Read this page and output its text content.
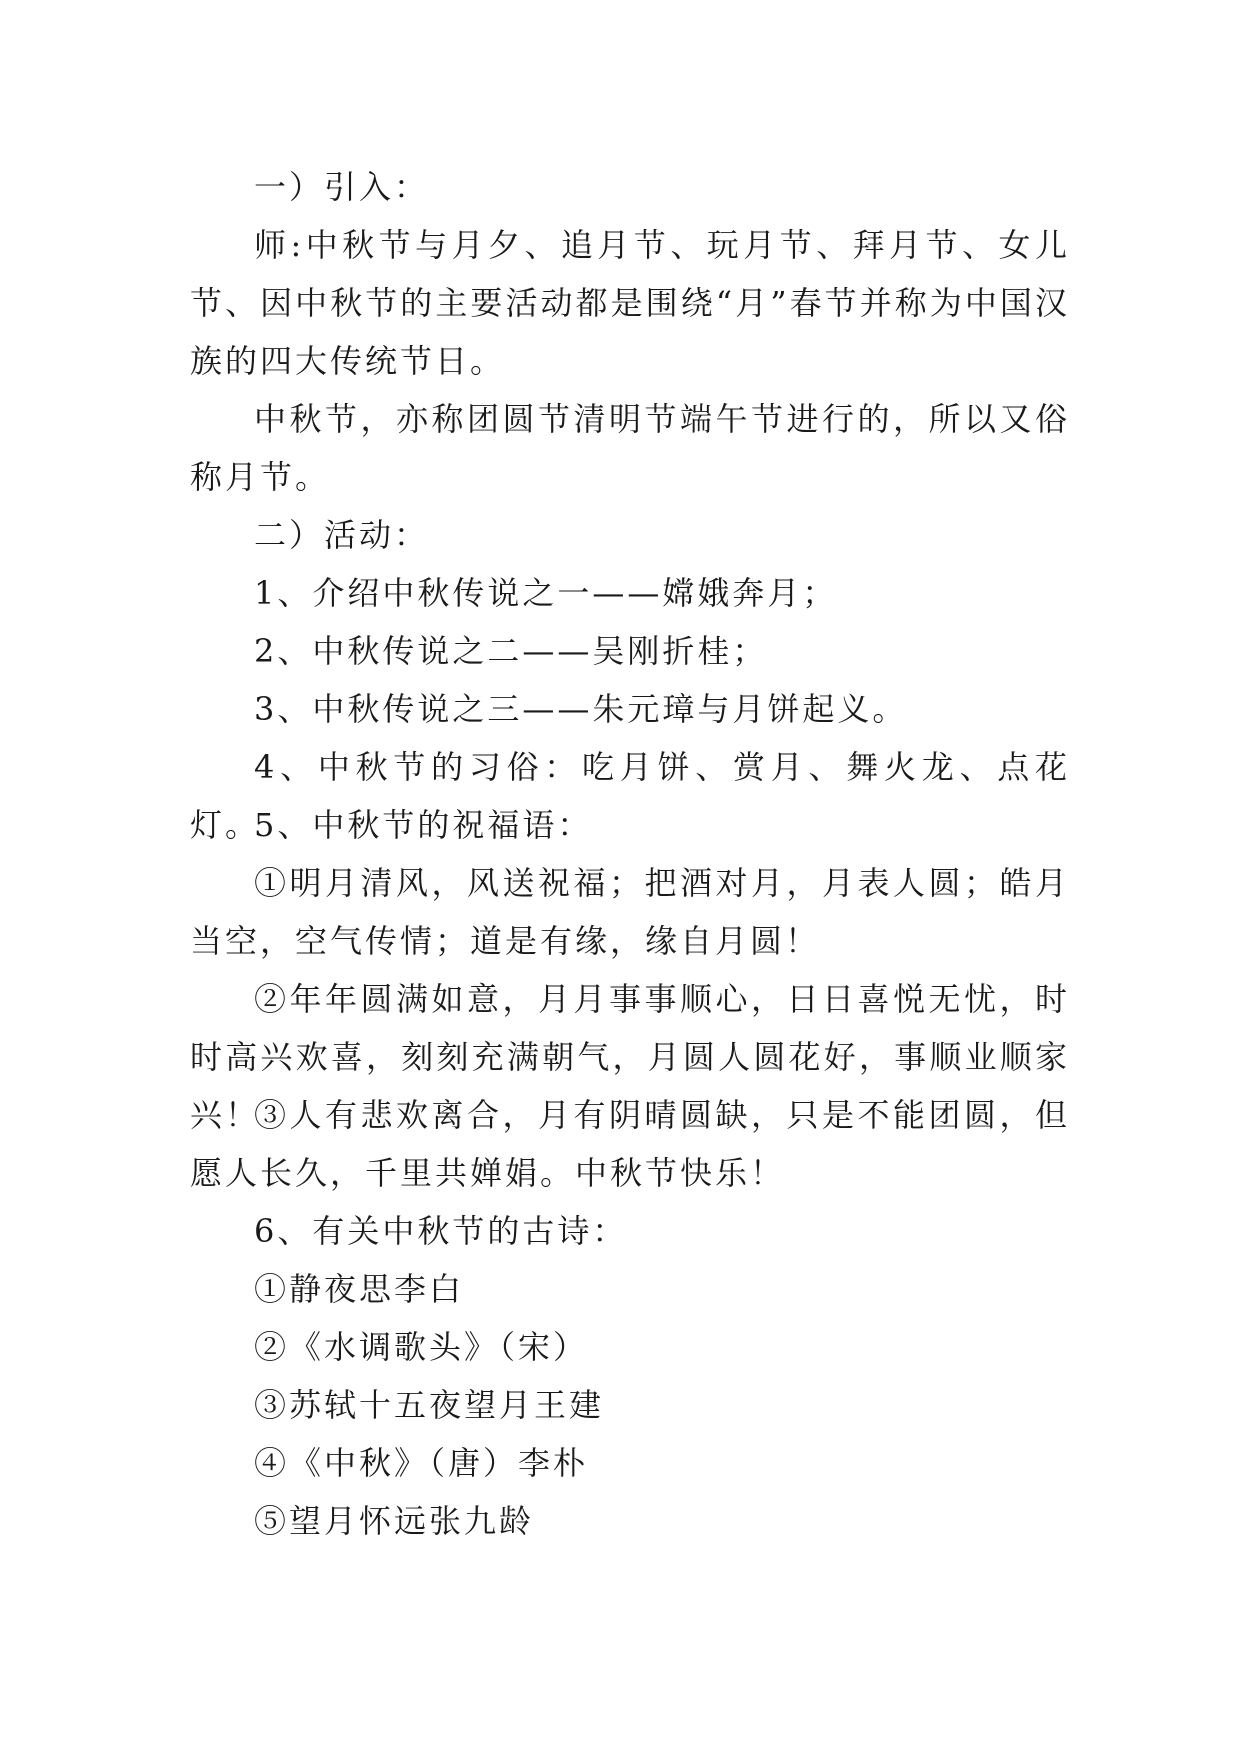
一）引入：

师:中秋节与月夕、追月节、玩月节、拜月节、女儿节、因中秋节的主要活动都是围绕“月”春节并称为中国汉族的四大传统节日。

中秋节，亦称团圆节清明节端午节进行的，所以又俗称月节。

二）活动：

1、介绍中秋传说之一——嫦娥奔月；

2、中秋传说之二——吴刚折桂；

3、中秋传说之三——朱元璋与月饼起义。

4、中秋节的习俗：吃月饼、赏月、舞火龙、点花灯。

5、中秋节的祝福语：

①明月清风，风送祝福；把酒对月，月表人圆；皓月当空，空气传情；道是有缘，缘自月圆！

②年年圆满如意，月月事事顺心，日日喜悦无忧，时时高兴欢喜，刻刻充满朝气，月圆人圆花好，事顺业顺家兴！

③人有悲欢离合，月有阴晴圆缺，只是不能团圆，但愿人长久，千里共婵娟。中秋节快乐！

6、有关中秋节的古诗：

①静夜思李白

②《水调歌头》（宋）

③苏轼十五夜望月王建

④《中秋》（唐）李朴

⑤望月怀远张九龄
